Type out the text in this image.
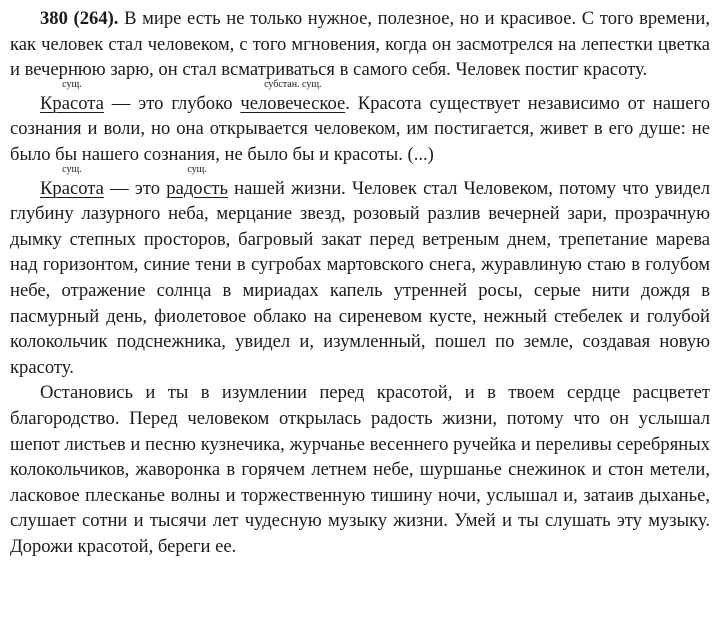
380 (264). В мире есть не только нужное, полезное, но и красивое. С того времени, как человек стал человеком, с того мгновения, когда он засмотрелся на лепестки цветка и вечернюю зарю, он стал всматриваться в самого себя. Человек постиг красоту.

сущ.
Красота — это глубоко
субстан. сущ.
человеческое. Красота существует независимо от нашего сознания и воли, но она открывается человеком, им постигается, живет в его душе: не было бы нашего сознания, не было бы и красоты. (...)

сущ.
Красота — это
сущ.
радость нашей жизни. Человек стал Человеком, потому что увидел глубину лазурного неба, мерцание звезд, розовый разлив вечерней зари, прозрачную дымку степных просторов, багровый закат перед ветреным днем, трепетание марева над горизонтом, синие тени в сугробах мартовского снега, журавлиную стаю в голубом небе, отражение солнца в мириадах капель утренней росы, серые нити дождя в пасмурный день, фиолетовое облако на сиреневом кусте, нежный стебелек и голубой колокольчик подснежника, увидел и, изумленный, пошел по земле, создавая новую красоту.

Остановись и ты в изумлении перед красотой, и в твоем сердце расцветет благородство. Перед человеком открылась радость жизни, потому что он услышал шепот листьев и песню кузнечика, журчанье весеннего ручейка и переливы серебряных колокольчиков, жаворонка в горячем летнем небе, шуршанье снежинок и стон метели, ласковое плесканье волны и торжественную тишину ночи, услышал и, затаив дыханье, слушает сотни и тысячи лет чудесную музыку жизни. Умей и ты слушать эту музыку. Дорожи красотой, береги ее.
